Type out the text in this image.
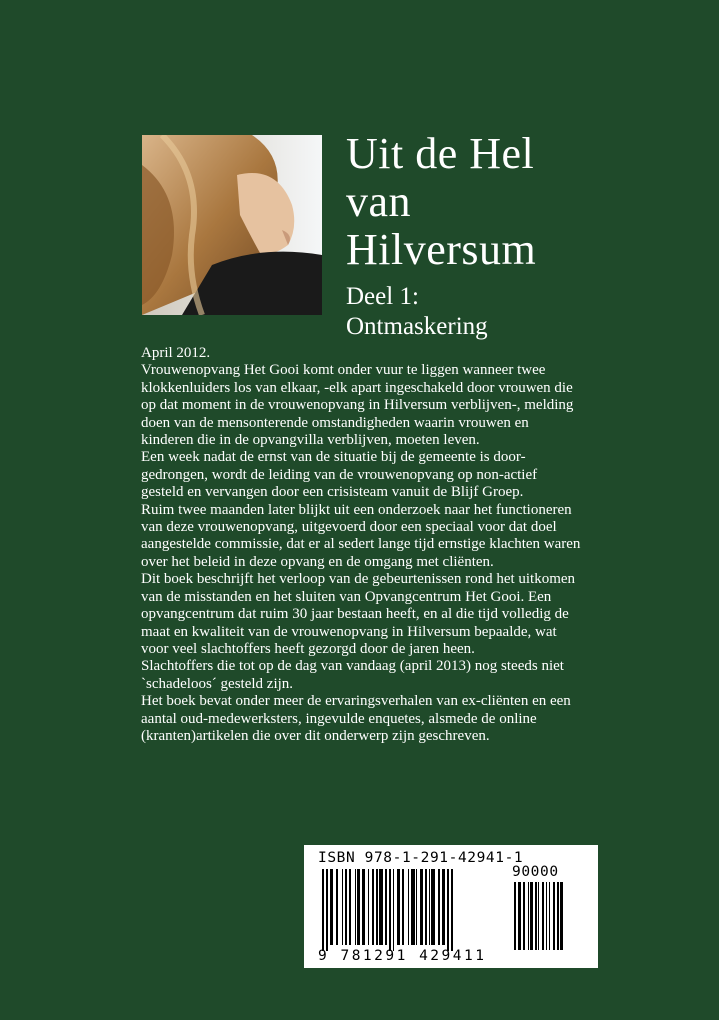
Uit de Hel
van
Hilversum
Deel 1:
Ontmaskering

April 2012.

Vrouwenopvang Het Gooi komt onder vuur te liggen wanneer twee klokkenluiders los van elkaar, -elk apart ingeschakeld door vrouwen die op dat moment in de vrouwenopvang in Hilversum verblijven-, melding doen van de mensonterende omstandigheden waarin vrouwen en kinderen die in de opvangvilla verblijven, moeten leven.

Een week nadat de ernst van de situatie bij de gemeente is door-gedrongen, wordt de leiding van de vrouwenopvang op non-actief gesteld en vervangen door een crisisteam vanuit de Blijf Groep.

Ruim twee maanden later blijkt uit een onderzoek naar het functioneren van deze vrouwenopvang, uitgevoerd door een speciaal voor dat doel aangestelde commissie, dat er al sedert lange tijd ernstige klachten waren over het beleid in deze opvang en de omgang met cliënten.

Dit boek beschrijft het verloop van de gebeurtenissen rond het uitkomen van de misstanden en het sluiten van Opvangcentrum Het Gooi. Een opvangcentrum dat ruim 30 jaar bestaan heeft, en al die tijd volledig de maat en kwaliteit van de vrouwenopvang in Hilversum bepaalde, wat voor veel slachtoffers heeft gezorgd door de jaren heen.

Slachtoffers die tot op de dag van vandaag (april 2013) nog steeds niet `schadeloos´ gesteld zijn.

Het boek bevat onder meer de ervaringsverhalen van ex-cliënten en een aantal oud-medewerksters, ingevulde enquetes, alsmede de online (kranten)artikelen die over dit onderwerp zijn geschreven.

ISBN 978-1-291-42941-1
90000
9 781291 429411
